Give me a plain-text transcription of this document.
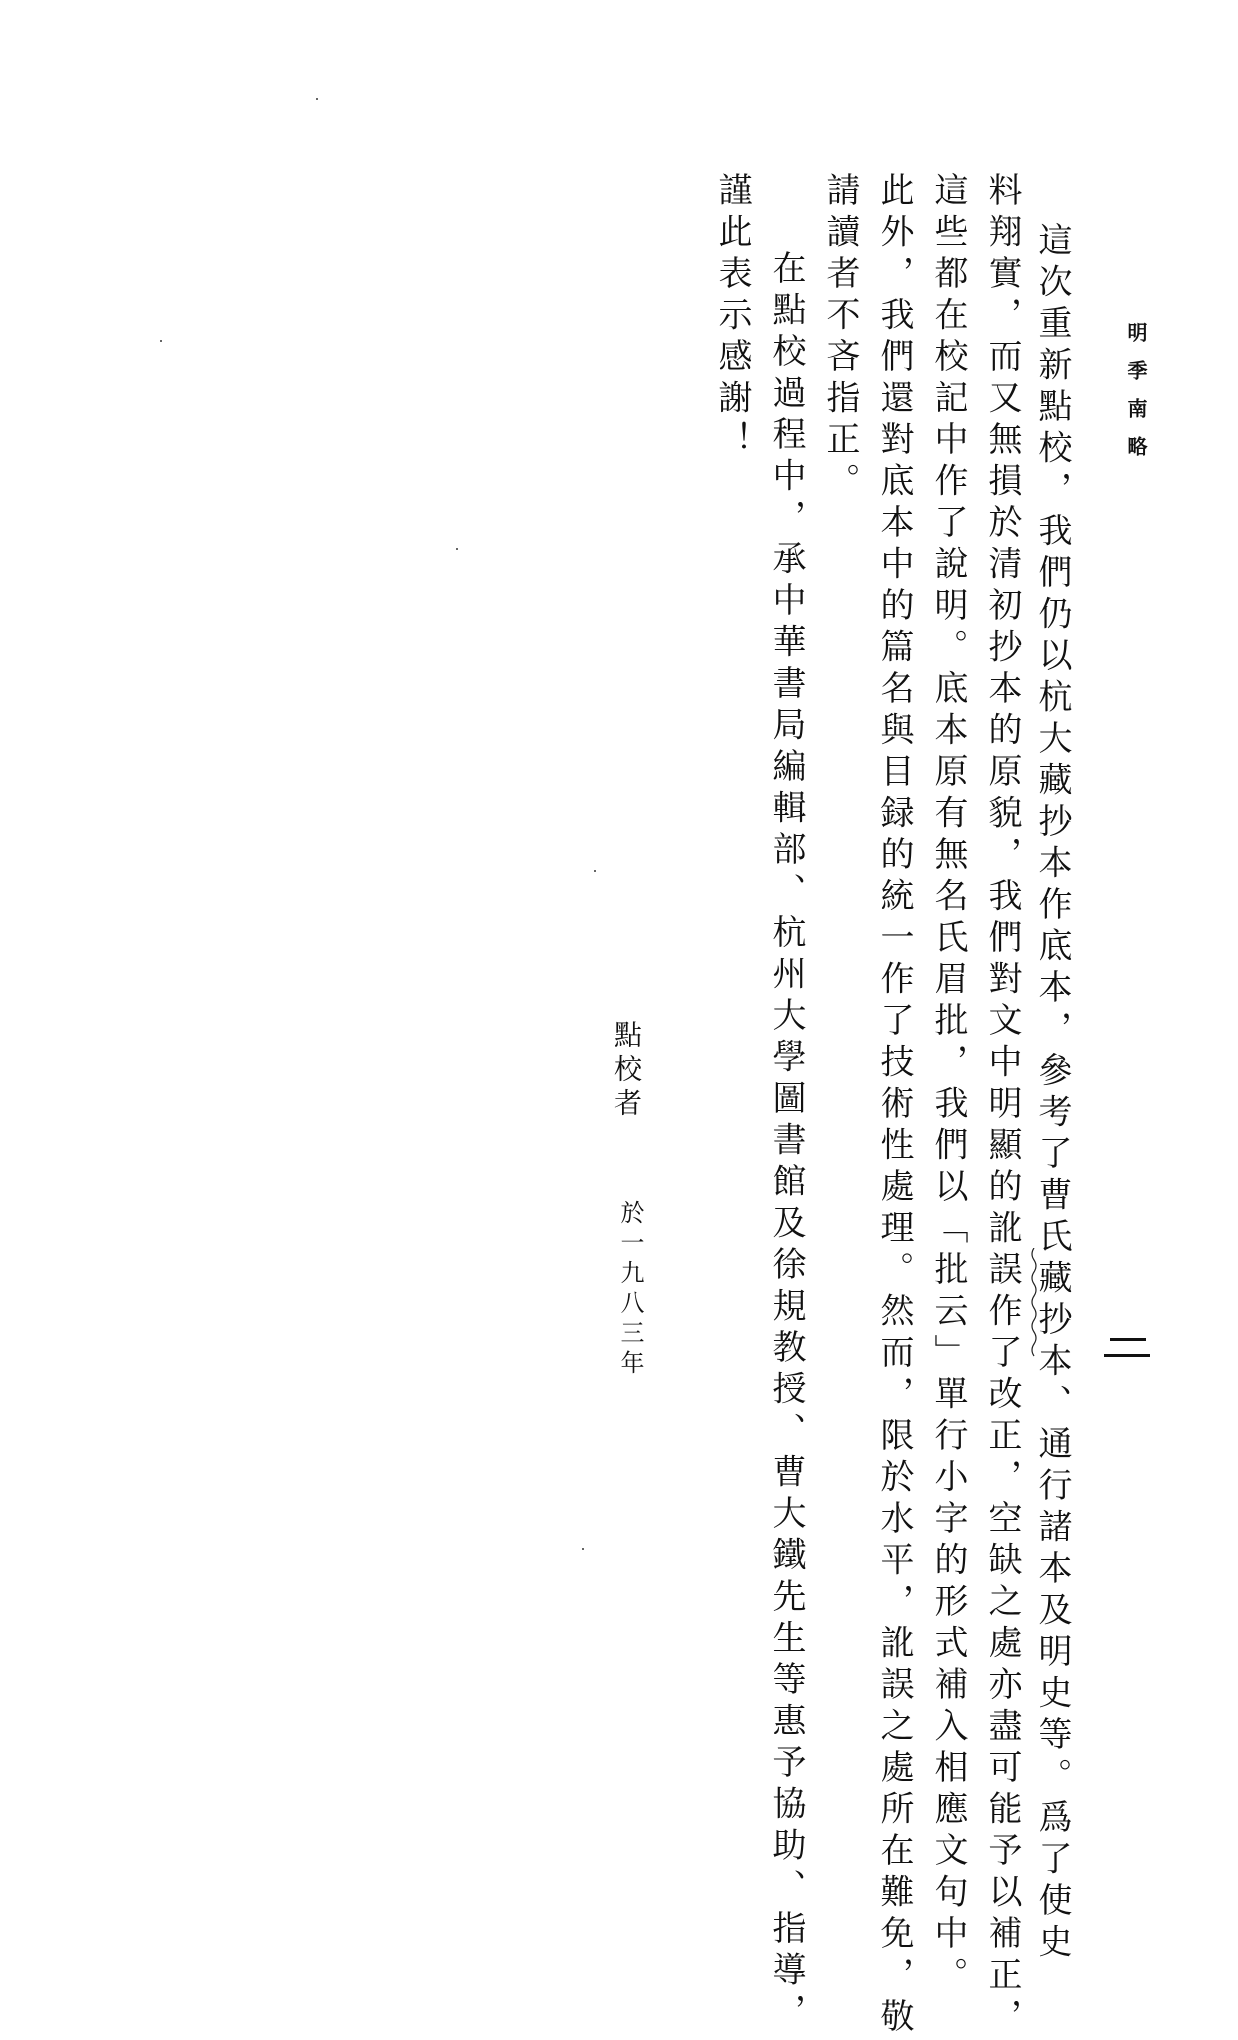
明季南略
這次重新點校，我們仍以杭大藏抄本作底本，參考了曹氏藏抄本、通行諸本及明史等。爲了使史
料翔實，而又無損於清初抄本的原貌，我們對文中明顯的訛誤作了改正，空缺之處亦盡可能予以補正，
這些都在校記中作了說明。底本原有無名氏眉批，我們以「批云」單行小字的形式補入相應文句中。
此外，我們還對底本中的篇名與目録的統一作了技術性處理。然而，限於水平，訛誤之處所在難免，敬
請讀者不吝指正。
在點校過程中，承中華書局編輯部、杭州大學圖書館及徐規教授、曹大鐵先生等惠予協助、指導，
謹此表示感謝！
點校者
於一九八三年
